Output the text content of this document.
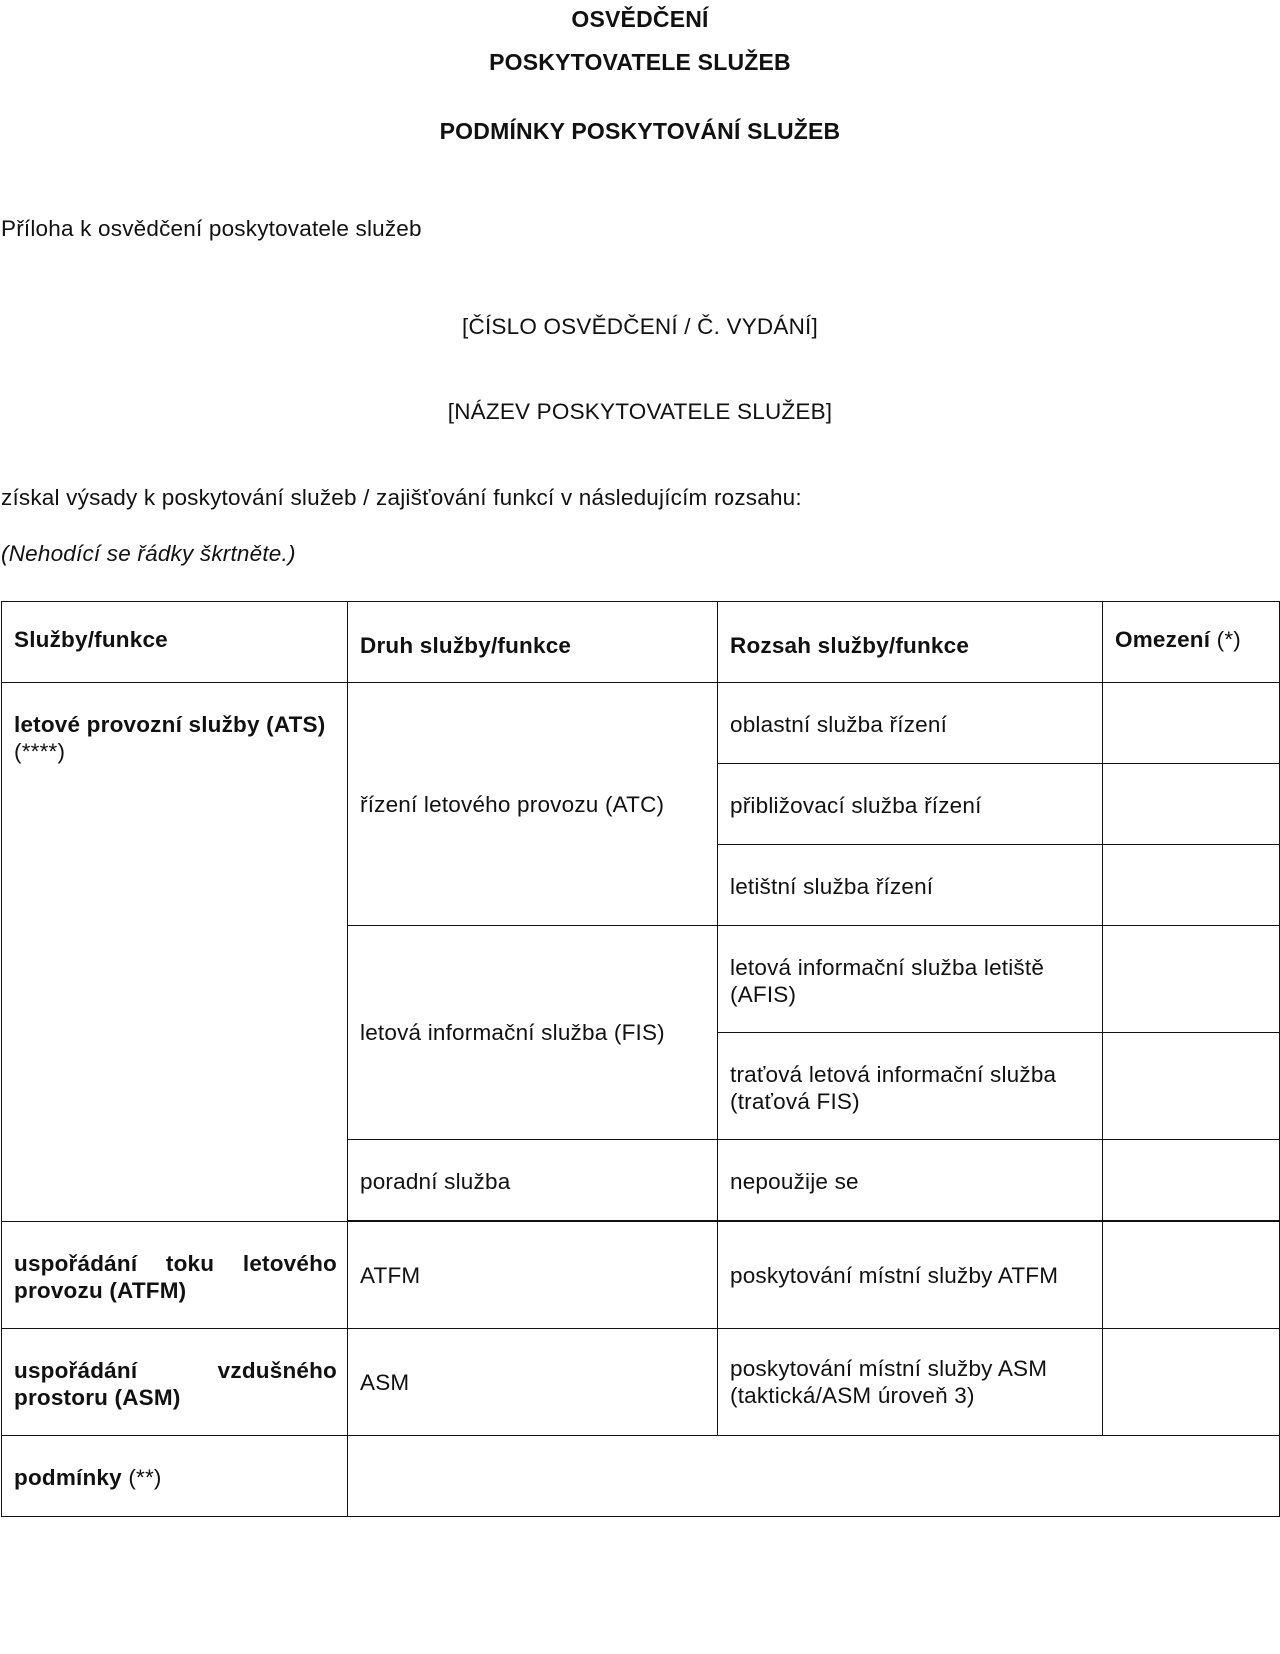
OSVĚDČENÍ
POSKYTOVATELE SLUŽEB
PODMÍNKY POSKYTOVÁNÍ SLUŽEB
Příloha k osvědčení poskytovatele služeb
[ČÍSLO OSVĚDČENÍ / Č. VYDÁNÍ]
[NÁZEV POSKYTOVATELE SLUŽEB]
získal výsady k poskytování služeb / zajišťování funkcí v následujícím rozsahu:
(Nehodící se řádky škrtněte.)
Služby/funkce	Druh služby/funkce	Rozsah služby/funkce	Omezení (*)
letové provozní služby (ATS) (****)	řízení letového provozu (ATC)	oblastní služba řízení	
		přibližovací služba řízení	
		letištní služba řízení	
	letová informační služba (FIS)	letová informační služba letiště (AFIS)	
		traťová letová informační služba (traťová FIS)	
	poradní služba	nepoužije se	

uspořádání toku letového provozu (ATFM)	ATFM	poskytování místní služby ATFM	

uspořádání vzdušného prostoru (ASM)	ASM	poskytování místní služby ASM (taktická/ASM úroveň 3)	
podmínky (**)			
